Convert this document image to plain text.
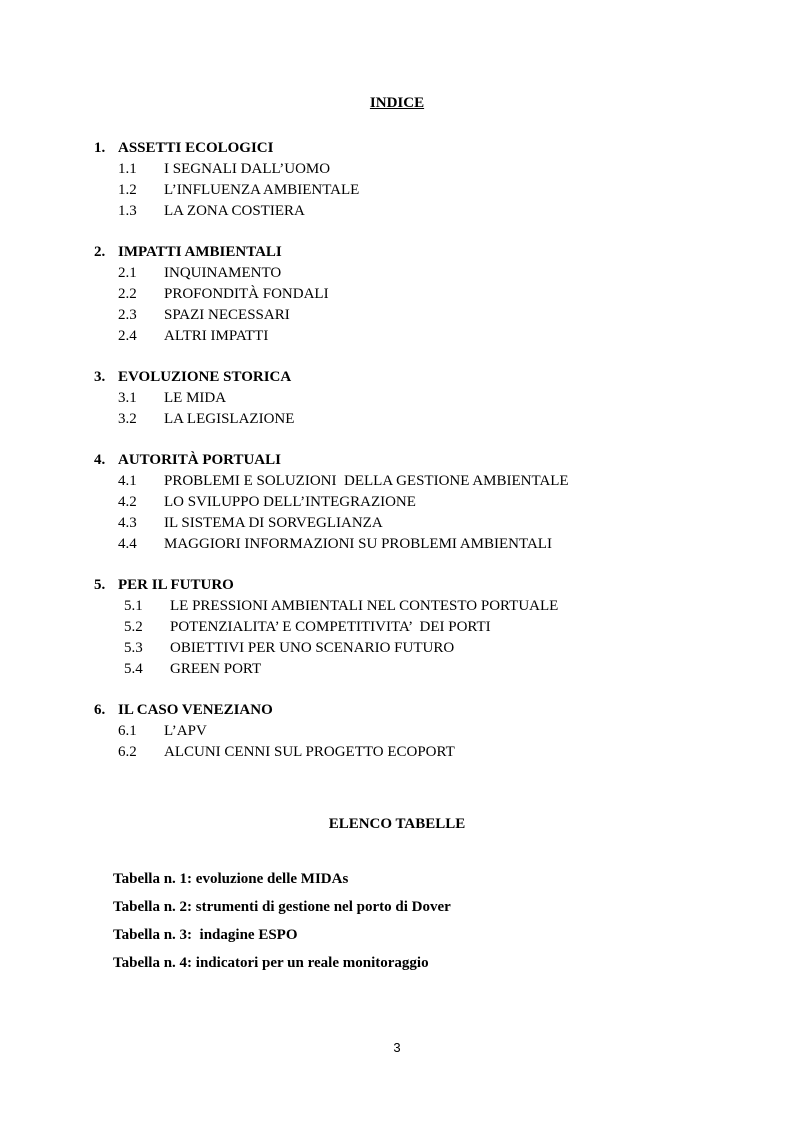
INDICE
1. ASSETTI ECOLOGICI
1.1 I SEGNALI DALL’UOMO
1.2 L’INFLUENZA AMBIENTALE
1.3 LA ZONA COSTIERA
2. IMPATTI AMBIENTALI
2.1 INQUINAMENTO
2.2 PROFONDITÀ FONDALI
2.3 SPAZI NECESSARI
2.4 ALTRI IMPATTI
3. EVOLUZIONE STORICA
3.1 LE MIDA
3.2 LA LEGISLAZIONE
4. AUTORITÀ PORTUALI
4.1 PROBLEMI E SOLUZIONI  DELLA GESTIONE AMBIENTALE
4.2 LO SVILUPPO DELL’INTEGRAZIONE
4.3 IL SISTEMA DI SORVEGLIANZA
4.4 MAGGIORI INFORMAZIONI SU PROBLEMI AMBIENTALI
5. PER IL FUTURO
5.1 LE PRESSIONI AMBIENTALI NEL CONTESTO PORTUALE
5.2 POTENZIALITA’ E COMPETITIVITA’  DEI PORTI
5.3 OBIETTIVI PER UNO SCENARIO FUTURO
5.4 GREEN PORT
6. IL CASO VENEZIANO
6.1 L’APV
6.2 ALCUNI CENNI SUL PROGETTO ECOPORT
ELENCO TABELLE
Tabella n. 1: evoluzione delle MIDAs
Tabella n. 2: strumenti di gestione nel porto di Dover
Tabella n. 3:  indagine ESPO
Tabella n. 4: indicatori per un reale monitoraggio
3
